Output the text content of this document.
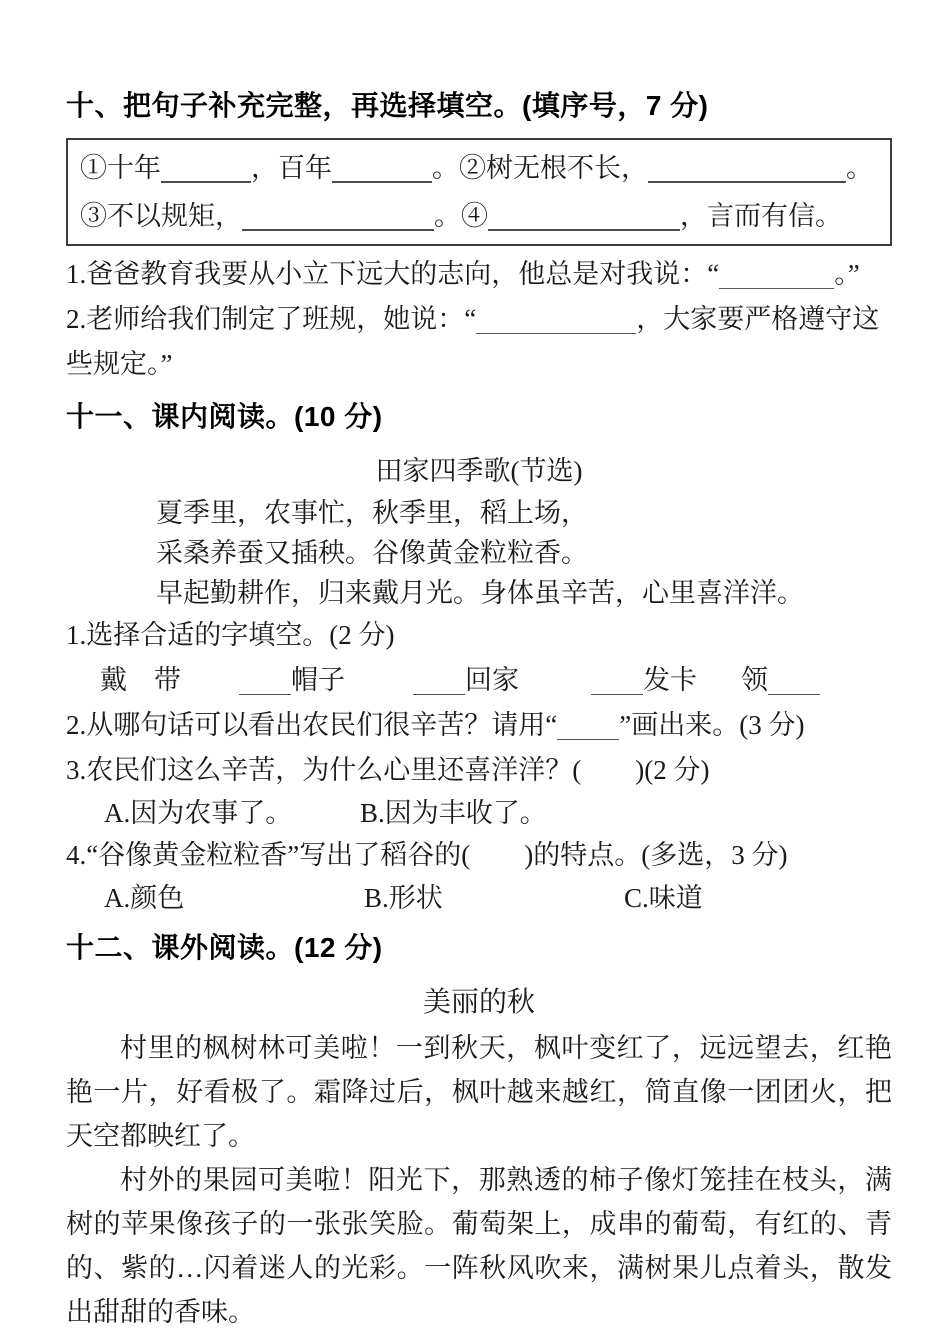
十、把句子补充完整，再选择填空。(填序号，7 分)
①十年	，百年	。②树无根不长，	。
③不以规矩，	。④	，言而有信。

1.爸爸教育我要从小立下远大的志向，他总是对我说：“	。”

2.老师给我们制定了班规，她说：“	，大家要严格遵守这些规定。”

十一、课内阅读。(10 分)
田家四季歌(节选)
夏季里，农事忙，秋季里，稻上场，
采桑养蚕又插秧。谷像黄金粒粒香。
早起勤耕作，归来戴月光。身体虽辛苦，心里喜洋洋。

1.选择合适的字填空。(2 分)

戴　带	帽子	回家	发卡 领

2.从哪句话可以看出农民们很辛苦？请用“ ”画出来。(3 分)

3.农民们这么辛苦，为什么心里还喜洋洋？(　　)(2 分)

A.因为农事了。	B.因为丰收了。

4.“谷像黄金粒粒香”写出了稻谷的(　　)的特点。(多选，3 分)

A.颜色	B.形状	C.味道
十二、课外阅读。(12 分)
美丽的秋

村里的枫树林可美啦！一到秋天，枫叶变红了，远远望去，红艳艳一片，好看极了。霜降过后，枫叶越来越红，简直像一团团火，把天空都映红了。

村外的果园可美啦！阳光下，那熟透的柿子像灯笼挂在枝头，满树的苹果像孩子的一张张笑脸。葡萄架上，成串的葡萄，有红的、青的、紫的…闪着迷人的光彩。一阵秋风吹来，满树果儿点着头，散发出甜甜的香味。
